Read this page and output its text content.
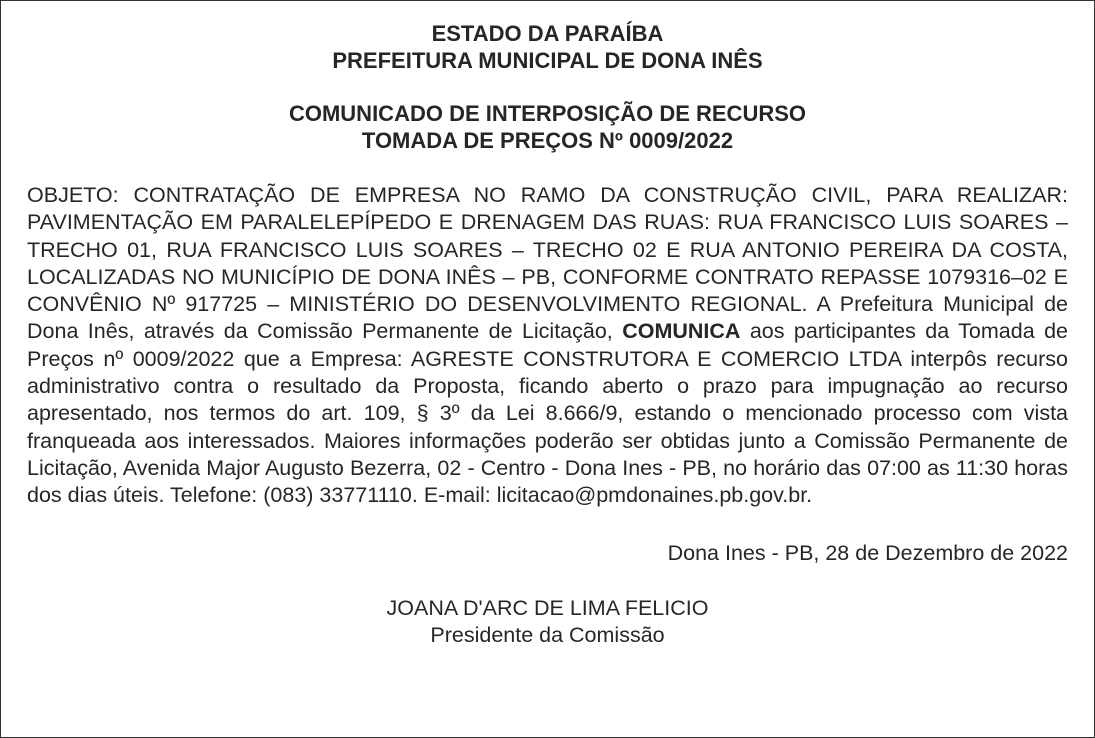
ESTADO DA PARAÍBA

PREFEITURA MUNICIPAL DE DONA INÊS

COMUNICADO DE INTERPOSIÇÃO DE RECURSO

TOMADA DE PREÇOS Nº 0009/2022

OBJETO: CONTRATAÇÃO DE EMPRESA NO RAMO DA CONSTRUÇÃO CIVIL, PARA REALIZAR: PAVIMENTAÇÃO EM PARALELEPÍPEDO E DRENAGEM DAS RUAS: RUA FRANCISCO LUIS SOARES – TRECHO 01, RUA FRANCISCO LUIS SOARES – TRECHO 02 E RUA ANTONIO PEREIRA DA COSTA, LOCALIZADAS NO MUNICÍPIO DE DONA INÊS – PB, CONFORME CONTRATO REPASSE 1079316–02 E CONVÊNIO Nº 917725 – MINISTÉRIO DO DESENVOLVIMENTO REGIONAL. A Prefeitura Municipal de Dona Inês, através da Comissão Permanente de Licitação, COMUNICA aos participantes da Tomada de Preços nº 0009/2022 que a Empresa: AGRESTE CONSTRUTORA E COMERCIO LTDA interpôs recurso administrativo contra o resultado da Proposta, ficando aberto o prazo para impugnação ao recurso apresentado, nos termos do art. 109, § 3º da Lei 8.666/9, estando o mencionado processo com vista franqueada aos interessados. Maiores informações poderão ser obtidas junto a Comissão Permanente de Licitação, Avenida Major Augusto Bezerra, 02 - Centro - Dona Ines - PB, no horário das 07:00 as 11:30 horas dos dias úteis. Telefone: (083) 33771110. E-mail: licitacao@pmdonaines.pb.gov.br.

Dona Ines - PB, 28 de Dezembro de 2022
JOANA D'ARC DE LIMA FELICIO
Presidente da Comissão
